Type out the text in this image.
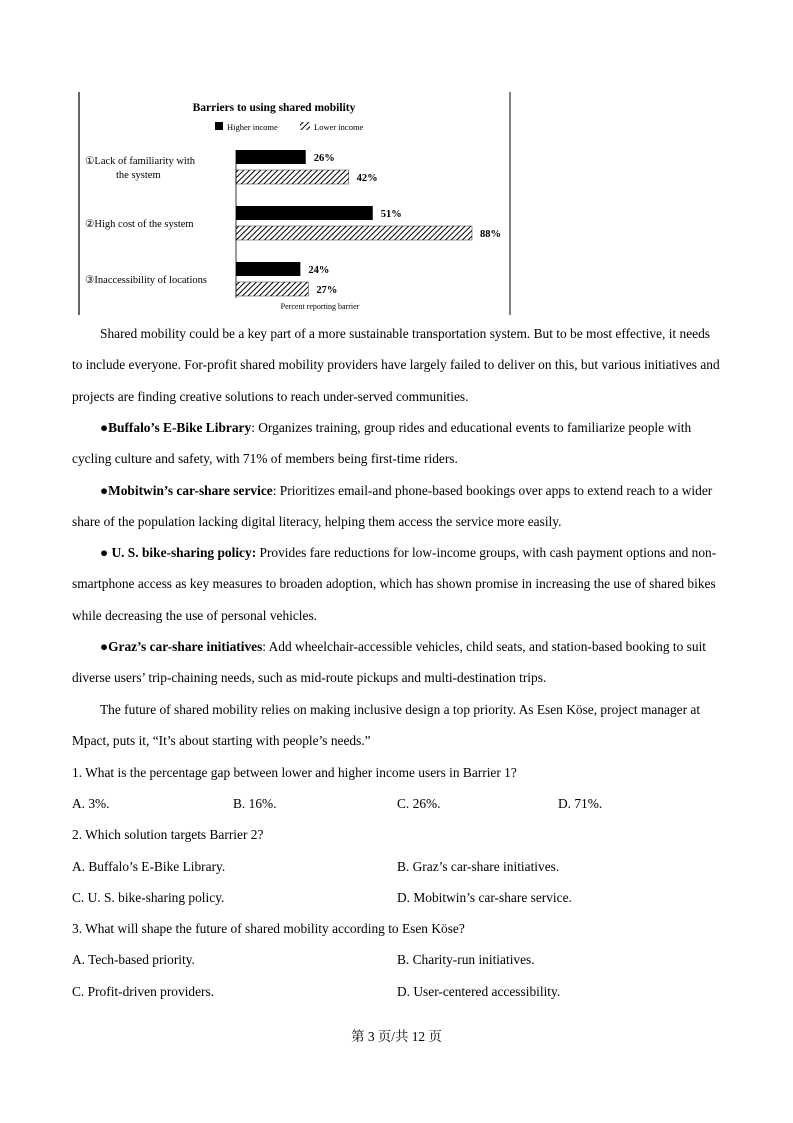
Barriers to using shared mobility
Higher income	Lower income
①Lack of familiarity with
the system
26%
42%
②High cost of the system
51%
88%
③Inaccessibility of locations
24%
27%
Percent reporting barrier

Shared mobility could be a key part of a more sustainable transportation system. But to be most effective, it needs to include everyone. For-profit shared mobility providers have largely failed to deliver on this, but various initiatives and projects are finding creative solutions to reach under-served communities.

●Buffalo’s E-Bike Library: Organizes training, group rides and educational events to familiarize people with cycling culture and safety, with 71% of members being first-time riders.

●Mobitwin’s car-share service: Prioritizes email-and phone-based bookings over apps to extend reach to a wider share of the population lacking digital literacy, helping them access the service more easily.

● U. S. bike-sharing policy: Provides fare reductions for low-income groups, with cash payment options and non-smartphone access as key measures to broaden adoption, which has shown promise in increasing the use of shared bikes while decreasing the use of personal vehicles.

●Graz’s car-share initiatives: Add wheelchair-accessible vehicles, child seats, and station-based booking to suit diverse users’ trip-chaining needs, such as mid-route pickups and multi-destination trips.

The future of shared mobility relies on making inclusive design a top priority. As Esen Köse, project manager at Mpact, puts it, “It’s about starting with people’s needs.”

1. What is the percentage gap between lower and higher income users in Barrier 1?
A. 3%.	B. 16%.	C. 26%.	D. 71%.
2. Which solution targets Barrier 2?
A. Buffalo’s E-Bike Library.	B. Graz’s car-share initiatives.
C. U. S. bike-sharing policy.	D. Mobitwin’s car-share service.
3. What will shape the future of shared mobility according to Esen Köse?
A. Tech-based priority.	B. Charity-run initiatives.
C. Profit-driven providers.	D. User-centered accessibility.
第 3 页/共 12 页
